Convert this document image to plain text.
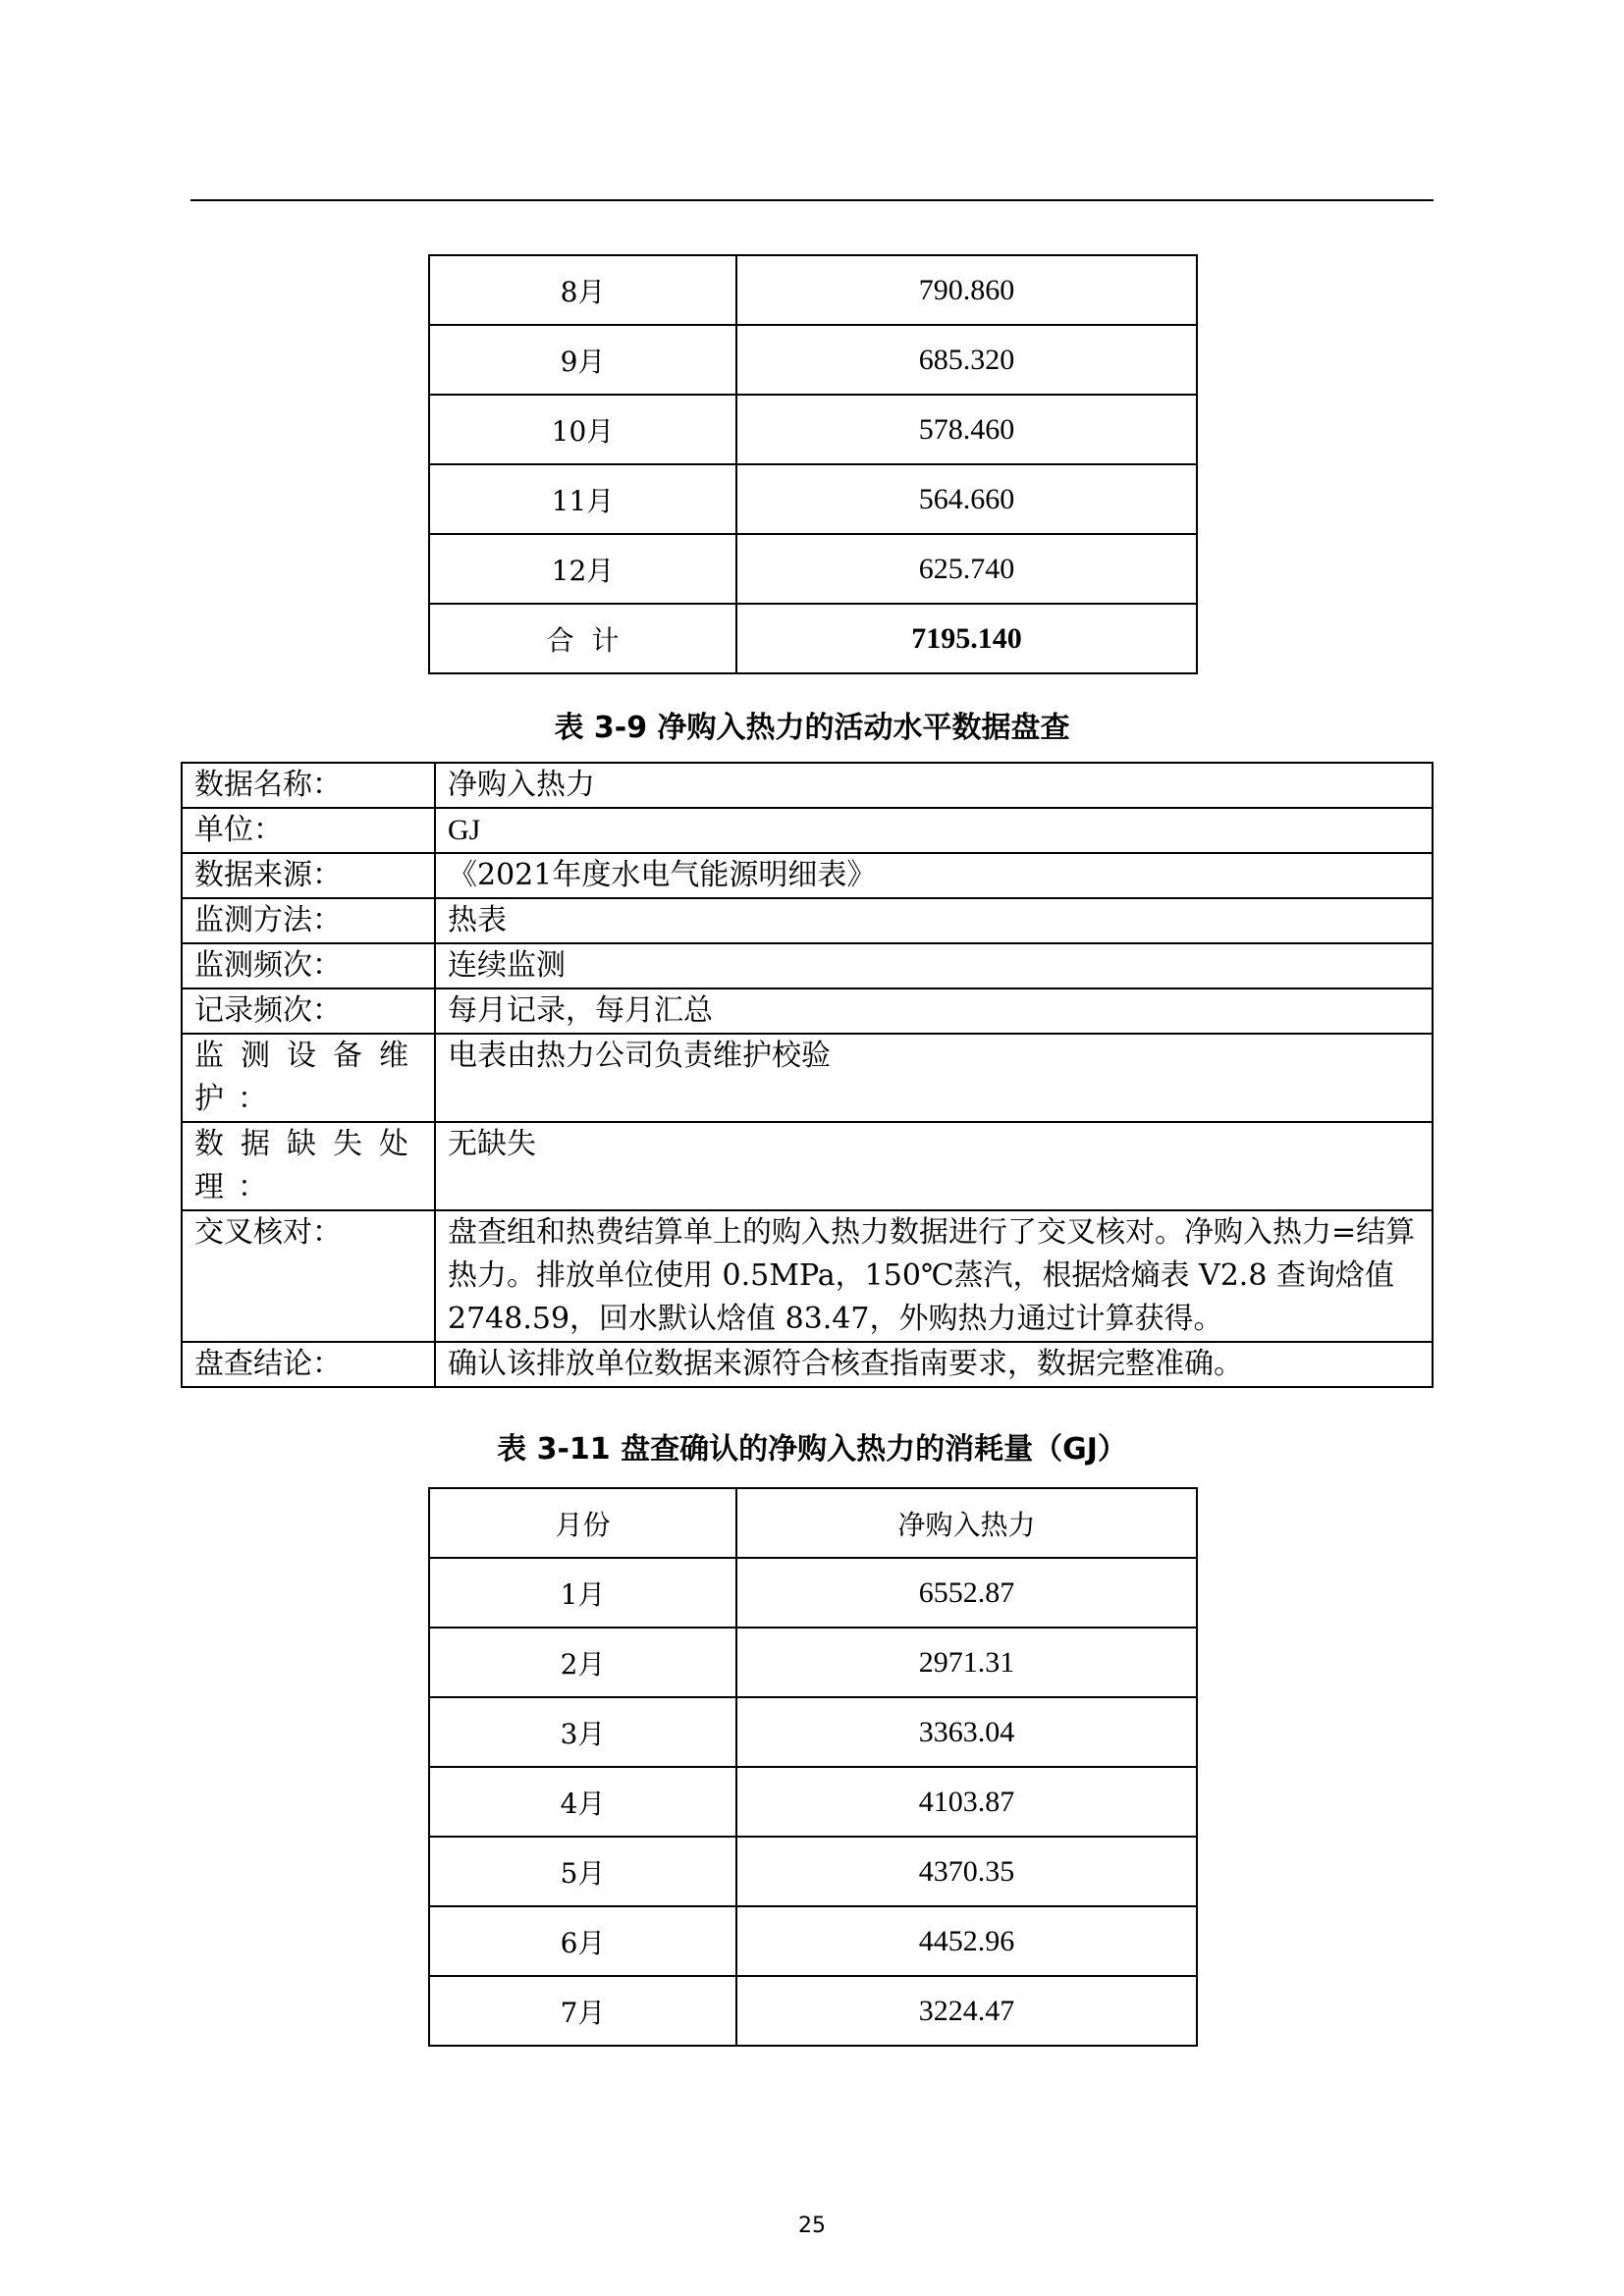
8月	790.860
9月	685.320
10月	578.460
11月	564.660
12月	625.740
合  计	7195.140
表 3-9 净购入热力的活动水平数据盘查
数据名称：	净购入热力
单位：	GJ
数据来源：	《2021年度水电气能源明细表》
监测方法：	热表
监测频次：	连续监测
记录频次：	每月记录，每月汇总
监测设备维护：	电表由热力公司负责维护校验
数据缺失处理：	无缺失
交叉核对：	盘查组和热费结算单上的购入热力数据进行了交叉核对。净购入热力=结算热力。排放单位使用 0.5MPa，150℃蒸汽，根据焓熵表 V2.8 查询焓值 2748.59，回水默认焓值 83.47，外购热力通过计算获得。
盘查结论：	确认该排放单位数据来源符合核查指南要求，数据完整准确。
表 3-11 盘查确认的净购入热力的消耗量（GJ）
月份	净购入热力
1月	6552.87
2月	2971.31
3月	3363.04
4月	4103.87
5月	4370.35
6月	4452.96
7月	3224.47
25
